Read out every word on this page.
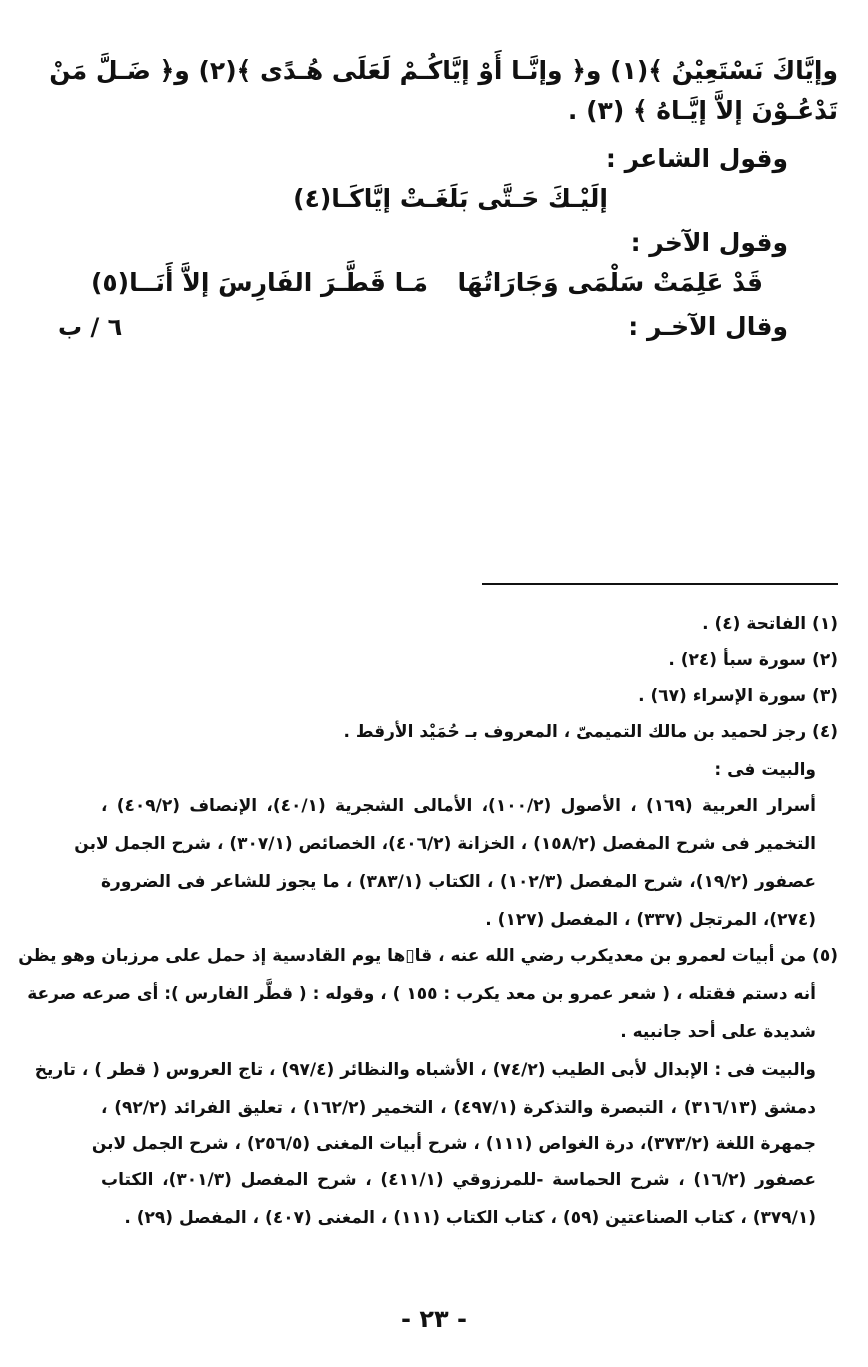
وإيَّاكَ نَسْتَعِيْنُ ﴾(١) و﴿ وإنَّـا أَوْ إيَّاكُـمْ لَعَلَى هُـدًى ﴾(٢) و﴿ ضَـلَّ مَنْ
تَدْعُـوْنَ إلاَّ إيَّـاهُ ﴾ (٣) .
وقول الشاعر :
إلَيْـكَ حَـتَّى بَلَغَـتْ إيَّاكَـا(٤)
وقول الآخر :
قَدْ عَلِمَتْ سَلْمَى وَجَارَاتُهَا
مَـا قَطَّـرَ الفَارِسَ إلاَّ أَنَــا(٥)
وقال الآخـر :
٦ / ب
(١) الفاتحة (٤) .
(٢) سورة سبأ (٢٤) .
(٣) سورة الإسراء (٦٧) .
(٤) رجز لحميد بن مالك التميمىّ ، المعروف بـ حُمَيْد الأرقط .
والبيت فى :
أسرار العربية (١٦٩) ، الأصول (١٠٠/٢)، الأمالى الشجرية (٤٠/١)، الإنصاف (٤٠٩/٢) ،
التخمير فى شرح المفصل (١٥٨/٢) ، الخزانة (٤٠٦/٢)، الخصائص (٣٠٧/١) ، شرح الجمل لابن
عصفور (١٩/٢)، شرح المفصل (١٠٢/٣) ، الكتاب (٣٨٣/١) ، ما يجوز للشاعر فى الضرورة
(٢٧٤)، المرتجل (٣٣٧) ، المفصل (١٢٧) .
(٥) من أبيات لعمرو بن معديكرب رضي الله عنه ، قا▯ها يوم القادسية إذ حمل على مرزبان وهو يظن
أنه دستم فقتله ، ( شعر عمرو بن معد يكرب : ١٥٥ ) ، وقوله : ( قطَّر الفارس ): أى صرعه صرعة
شديدة على أحد جانبيه .
والبيت فى : الإبدال لأبى الطيب (٧٤/٢) ، الأشباه والنظائر (٩٧/٤) ، تاج العروس ( قطر ) ، تاريخ
دمشق (٣١٦/١٣) ، التبصرة والتذكرة (٤٩٧/١) ، التخمير (١٦٢/٢) ، تعليق الفرائد (٩٢/٢) ،
جمهرة اللغة (٣٧٣/٢)، درة الغواص (١١١) ، شرح أبيات المغنى (٢٥٦/٥) ، شرح الجمل لابن
عصفور (١٦/٢) ، شرح الحماسة -للمرزوقي (٤١١/١) ، شرح المفصل (٣٠١/٣)، الكتاب
(٣٧٩/١) ، كتاب الصناعتين (٥٩) ، كتاب الكتاب (١١١) ، المغنى (٤٠٧) ، المفصل (٢٩) .
- ٢٣ -
